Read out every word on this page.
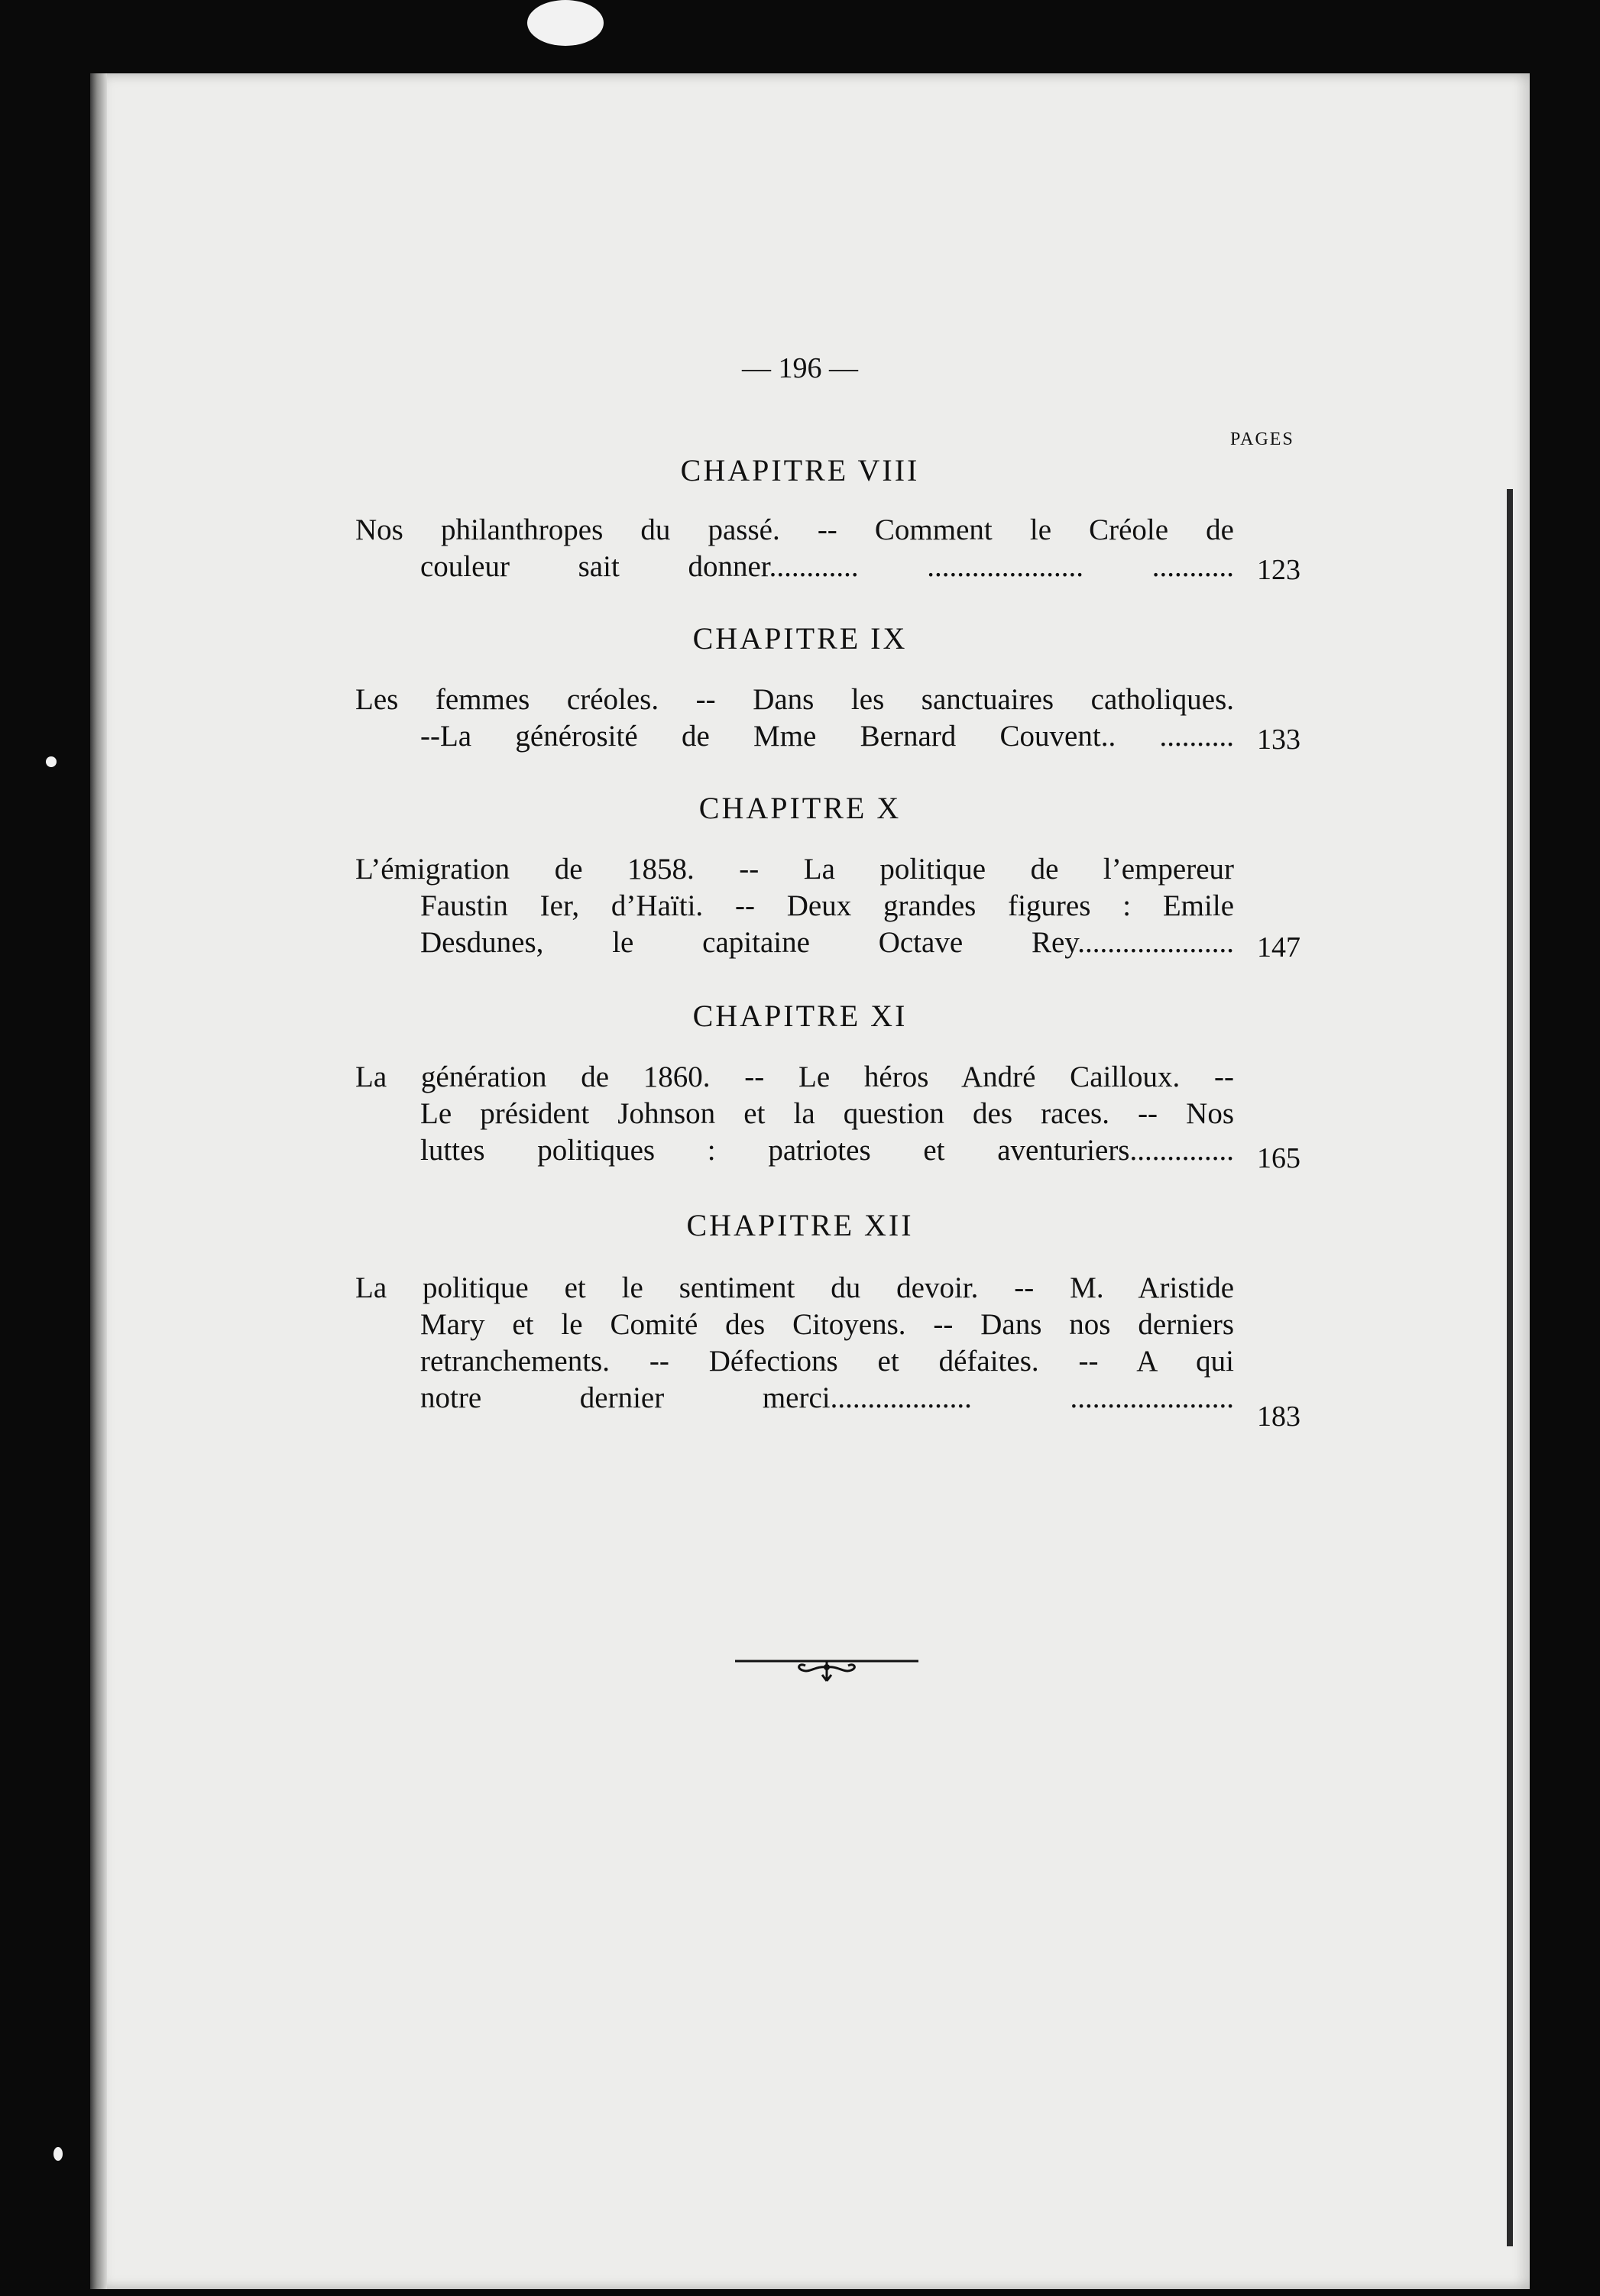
— 196 —
PAGES
CHAPITRE VIII
Nos philanthropes du passé. -- Comment le Créole de
couleur sait donner............ ..................... ........... 123
CHAPITRE IX
Les femmes créoles. -- Dans les sanctuaires catholiques.
--La générosité de Mme Bernard Couvent.. .......... 133
CHAPITRE X
L’émigration de 1858. -- La politique de l’empereur
Faustin Ier, d’Haïti. -- Deux grandes figures : Emile
Desdunes, le capitaine Octave Rey..................... 147
CHAPITRE XI
La génération de 1860. -- Le héros André Cailloux. --
Le président Johnson et la question des races. -- Nos
luttes politiques : patriotes et aventuriers.............. 165
CHAPITRE XII
La politique et le sentiment du devoir. -- M. Aristide
Mary et le Comité des Citoyens. -- Dans nos derniers
retranchements. -- Défections et défaites. -- A qui
notre dernier merci................... ......................
183
